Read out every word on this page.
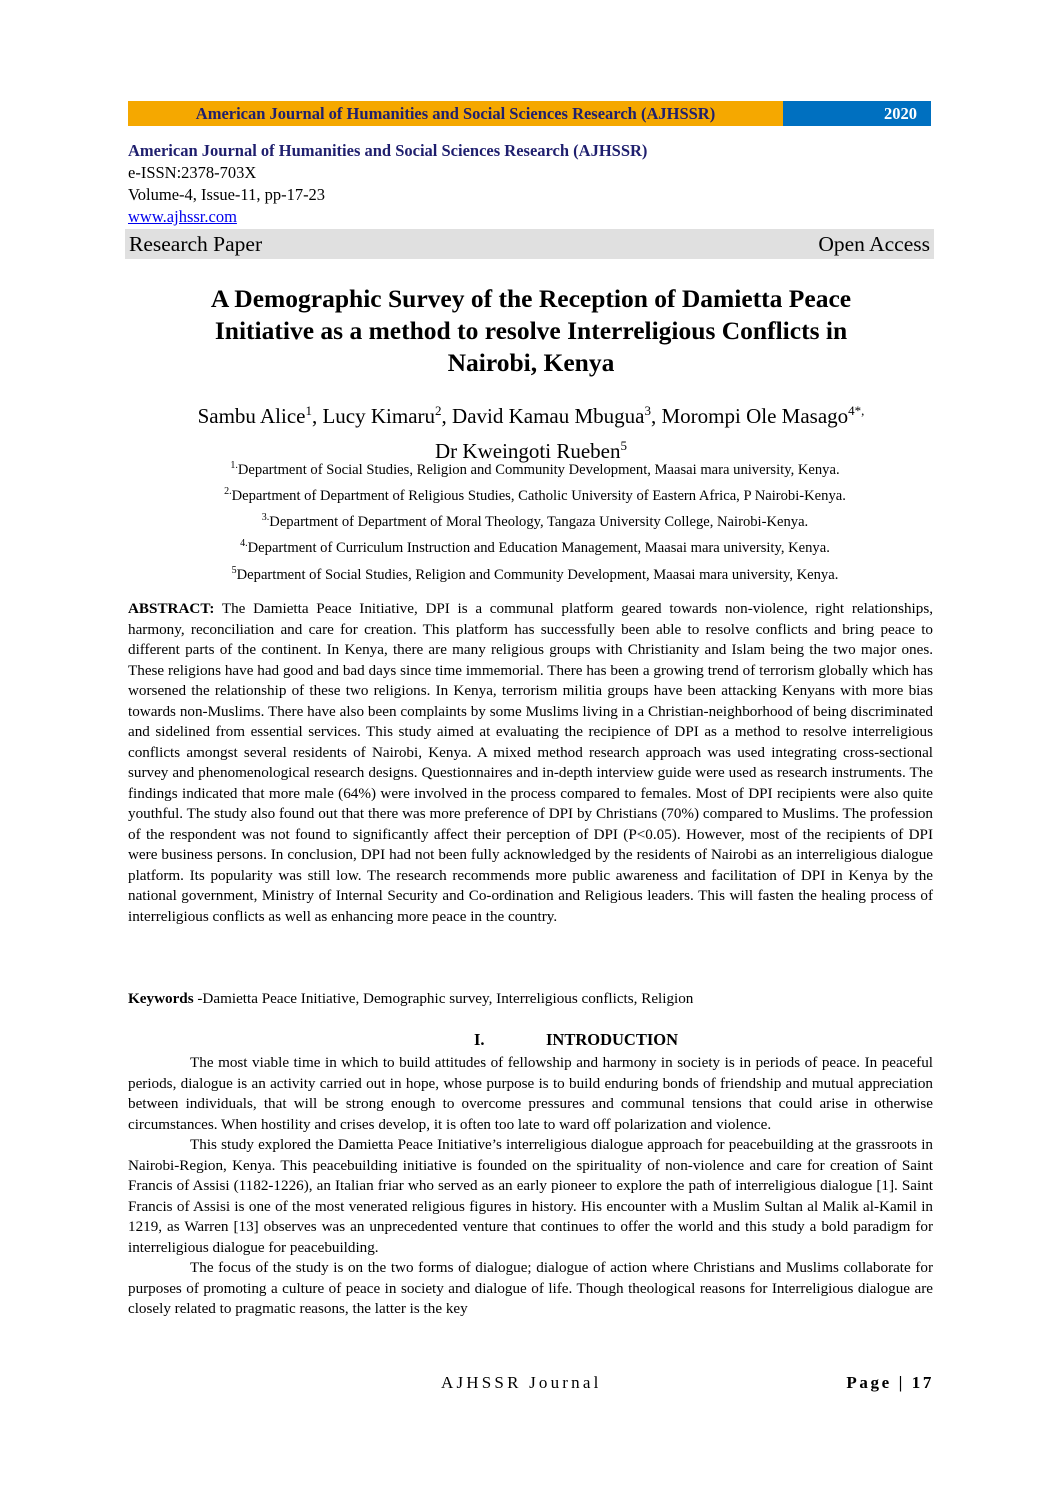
American Journal of Humanities and Social Sciences Research (AJHSSR)	2020
American Journal of Humanities and Social Sciences Research (AJHSSR)
e-ISSN:2378-703X
Volume-4, Issue-11, pp-17-23
www.ajhssr.com
Research Paper	Open Access
A Demographic Survey of the Reception of Damietta Peace
Initiative as a method to resolve Interreligious Conflicts in
Nairobi, Kenya
Sambu Alice$^1$, Lucy Kimaru$^2$, David Kamau Mbugua$^3$, Morompi Ole Masago$^{4*,}$
Dr Kweingoti Rueben$^5$
$^{1.}$Department of Social Studies, Religion and Community Development, Maasai mara university, Kenya.
$^{2.}$Department of Department of Religious Studies, Catholic University of Eastern Africa, P Nairobi-Kenya.
$^{3.}$Department of Department of Moral Theology, Tangaza University College, Nairobi-Kenya.
$^{4.}$Department of Curriculum Instruction and Education Management, Maasai mara university, Kenya.
$^5$Department of Social Studies, Religion and Community Development, Maasai mara university, Kenya.
ABSTRACT: The Damietta Peace Initiative, DPI is a communal platform geared towards non-violence, right relationships, harmony, reconciliation and care for creation. This platform has successfully been able to resolve conflicts and bring peace to different parts of the continent. In Kenya, there are many religious groups with Christianity and Islam being the two major ones. These religions have had good and bad days since time immemorial. There has been a growing trend of terrorism globally which has worsened the relationship of these two religions. In Kenya, terrorism militia groups have been attacking Kenyans with more bias towards non-Muslims. There have also been complaints by some Muslims living in a Christian-neighborhood of being discriminated and sidelined from essential services. This study aimed at evaluating the recipience of DPI as a method to resolve interreligious conflicts amongst several residents of Nairobi, Kenya. A mixed method research approach was used integrating cross-sectional survey and phenomenological research designs. Questionnaires and in-depth interview guide were used as research instruments. The findings indicated that more male (64%) were involved in the process compared to females. Most of DPI recipients were also quite youthful. The study also found out that there was more preference of DPI by Christians (70%) compared to Muslims. The profession of the respondent was not found to significantly affect their perception of DPI (P<0.05). However, most of the recipients of DPI were business persons. In conclusion, DPI had not been fully acknowledged by the residents of Nairobi as an interreligious dialogue platform. Its popularity was still low. The research recommends more public awareness and facilitation of DPI in Kenya by the national government, Ministry of Internal Security and Co-ordination and Religious leaders. This will fasten the healing process of interreligious conflicts as well as enhancing more peace in the country.
Keywords -Damietta Peace Initiative, Demographic survey, Interreligious conflicts, Religion
I.	INTRODUCTION

The most viable time in which to build attitudes of fellowship and harmony in society is in periods of peace. In peaceful periods, dialogue is an activity carried out in hope, whose purpose is to build enduring bonds of friendship and mutual appreciation between individuals, that will be strong enough to overcome pressures and communal tensions that could arise in otherwise circumstances. When hostility and crises develop, it is often too late to ward off polarization and violence.

This study explored the Damietta Peace Initiative’s interreligious dialogue approach for peacebuilding at the grassroots in Nairobi-Region, Kenya. This peacebuilding initiative is founded on the spirituality of non-violence and care for creation of Saint Francis of Assisi (1182-1226), an Italian friar who served as an early pioneer to explore the path of interreligious dialogue [1]. Saint Francis of Assisi is one of the most venerated religious figures in history. His encounter with a Muslim Sultan al Malik al-Kamil in 1219, as Warren [13] observes was an unprecedented venture that continues to offer the world and this study a bold paradigm for interreligious dialogue for peacebuilding.

The focus of the study is on the two forms of dialogue; dialogue of action where Christians and Muslims collaborate for purposes of promoting a culture of peace in society and dialogue of life. Though theological reasons for Interreligious dialogue are closely related to pragmatic reasons, the latter is the key

AJHSSR Journal	Page | 17
